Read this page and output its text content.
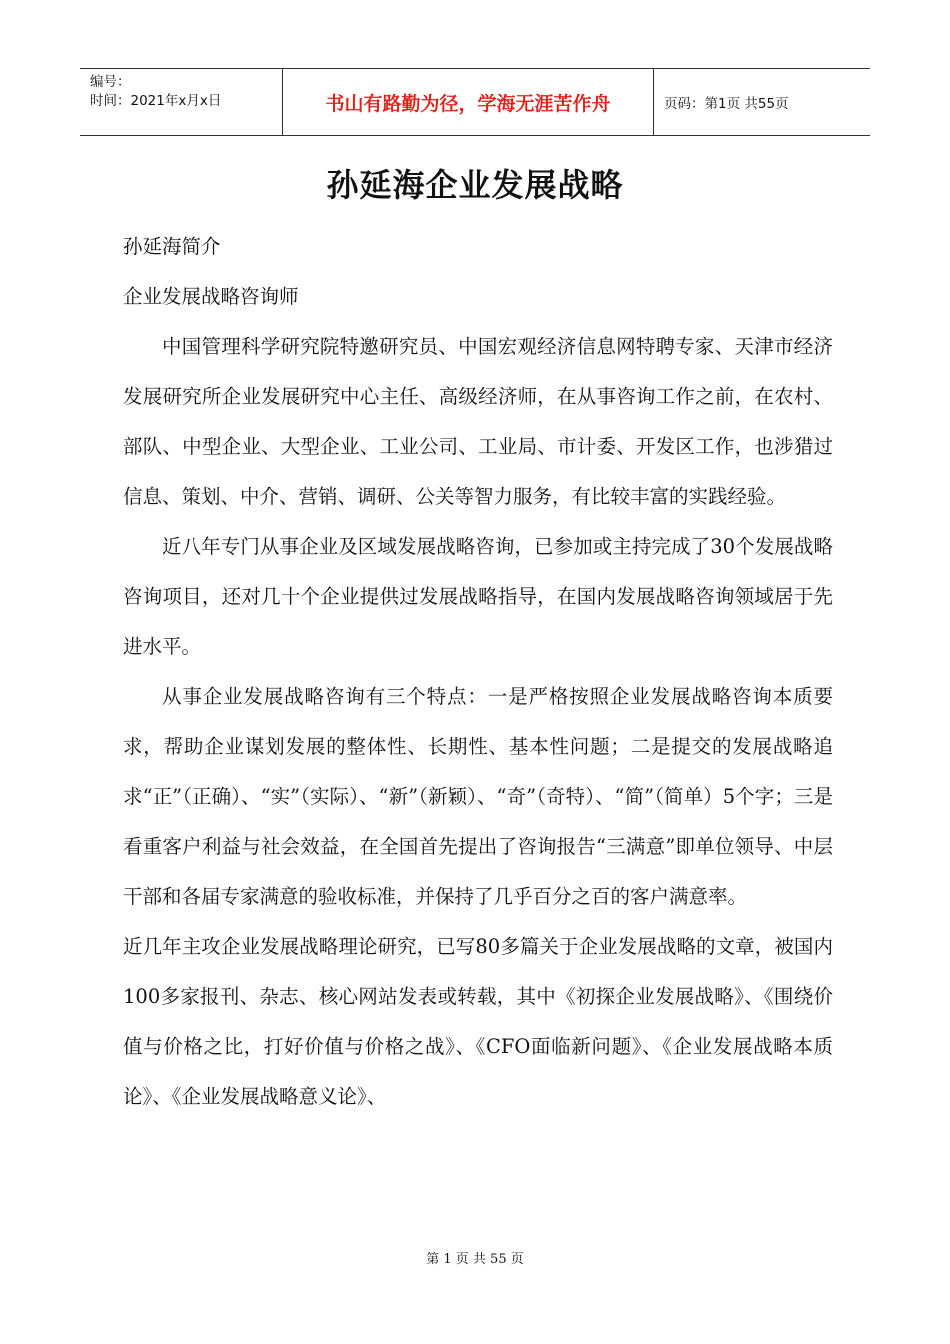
编号：
时间：2021年x月x日	书山有路勤为径，学海无涯苦作舟	页码：第1页 共55页
孙延海企业发展战略

孙延海简介

企业发展战略咨询师

中国管理科学研究院特邀研究员、中国宏观经济信息网特聘专家、天津市经济发展研究所企业发展研究中心主任、高级经济师，在从事咨询工作之前，在农村、部队、中型企业、大型企业、工业公司、工业局、市计委、开发区工作，也涉猎过信息、策划、中介、营销、调研、公关等智力服务，有比较丰富的实践经验。

近八年专门从事企业及区域发展战略咨询，已参加或主持完成了30个发展战略咨询项目，还对几十个企业提供过发展战略指导，在国内发展战略咨询领域居于先进水平。

从事企业发展战略咨询有三个特点：一是严格按照企业发展战略咨询本质要求，帮助企业谋划发展的整体性、长期性、基本性问题；二是提交的发展战略追求“正”（正确）、“实”（实际）、“新”（新颖）、“奇”（奇特）、“简”（简单）5个字；三是看重客户利益与社会效益，在全国首先提出了咨询报告“三满意”即单位领导、中层干部和各届专家满意的验收标准，并保持了几乎百分之百的客户满意率。

近几年主攻企业发展战略理论研究，已写80多篇关于企业发展战略的文章，被国内100多家报刊、杂志、核心网站发表或转载，其中《初探企业发展战略》、《围绕价值与价格之比，打好价值与价格之战》、《CFO面临新问题》、《企业发展战略本质论》、《企业发展战略意义论》、

第 1 页 共 55 页
